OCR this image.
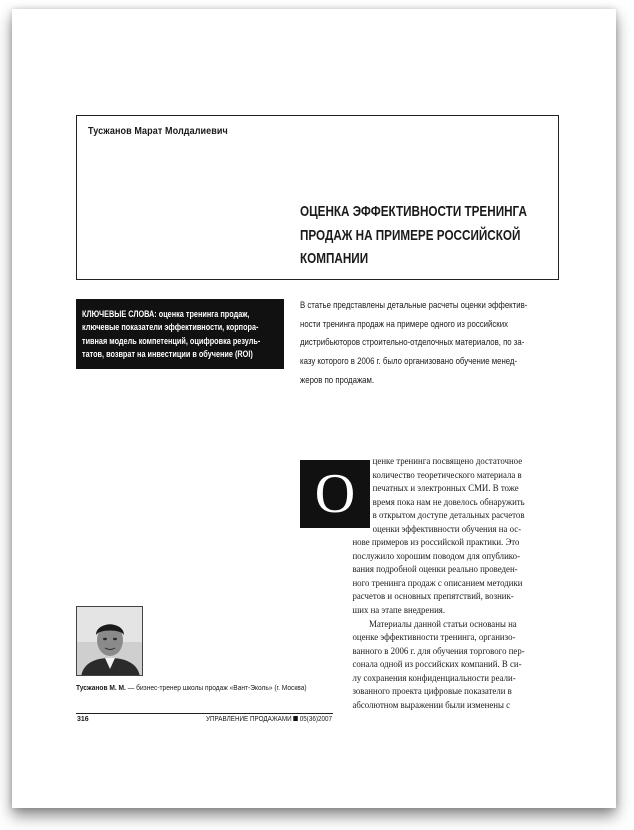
Тусжанов Марат Молдалиевич
ОЦЕНКА ЭФФЕКТИВНОСТИ ТРЕНИНГА
ПРОДАЖ НА ПРИМЕРЕ РОССИЙСКОЙ
КОМПАНИИ
КЛЮЧЕВЫЕ СЛОВА: оценка тренинга продаж,
ключевые показатели эффективности, корпора-
тивная модель компетенций, оцифровка резуль-
татов, возврат на инвестиции в обучение (ROI)
В статье представлены детальные расчеты оценки эффектив-
ности тренинга продаж на примере одного из российских
дистрибьюторов строительно-отделочных материалов, по за-
казу которого в 2006 г. было организовано обучение менед-
жеров по продажам.
О
ценке тренинга посвящено достаточное
количество теоретического материала в
печатных и электронных СМИ. В тоже
время пока нам не довелось обнаружить
в открытом доступе детальных расчетов
оценки эффективности обучения на ос-
нове примеров из российской практики. Это
послужило хорошим поводом для опублико-
вания подробной оценки реально проведен-
ного тренинга продаж с описанием методики
расчетов и основных препятствий, возник-
ших на этапе внедрения.
Материалы данной статьи основаны на
оценке эффективности тренинга, организо-
ванного в 2006 г. для обучения торгового пер-
сонала одной из российских компаний. В си-
лу сохранения конфиденциальности реали-
зованного проекта цифровые показатели в
абсолютном выражении были изменены с
Тусжанов М. М. — бизнес-тренер школы продаж «Вант-Эколь» (г. Москва)
316	УПРАВЛЕНИЕ ПРОДАЖАМИ 05(36)2007
